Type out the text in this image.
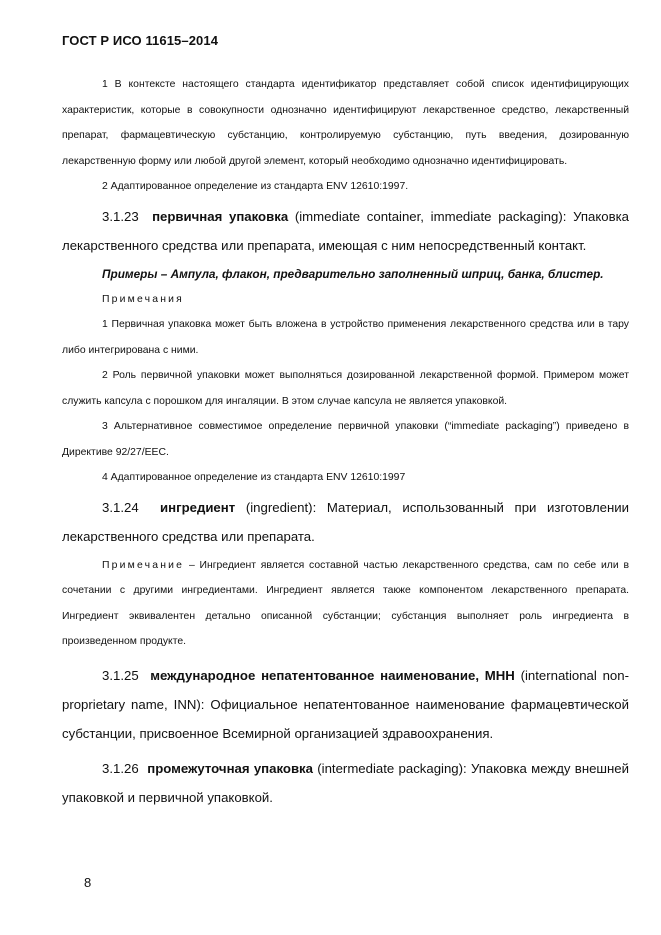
ГОСТ Р ИСО 11615–2014

1 В контексте настоящего стандарта идентификатор представляет собой список идентифицирующих характеристик, которые в совокупности однозначно идентифицируют лекарственное средство, лекарственный препарат, фармацевтическую субстанцию, контролируемую субстанцию, путь введения, дозированную лекарственную форму или любой другой элемент, который необходимо однозначно идентифицировать.

2 Адаптированное определение из стандарта ENV 12610:1997.

3.1.23 первичная упаковка (immediate container, immediate packaging): Упаковка лекарственного средства или препарата, имеющая с ним непосредственный контакт.

Примеры – Ампула, флакон, предварительно заполненный шприц, банка, блистер.

Примечания

1 Первичная упаковка может быть вложена в устройство применения лекарственного средства или в тару либо интегрирована с ними.

2 Роль первичной упаковки может выполняться дозированной лекарственной формой. Примером может служить капсула с порошком для ингаляции. В этом случае капсула не является упаковкой.

3 Альтернативное совместимое определение первичной упаковки (“immediate packaging”) приведено в Директиве 92/27/ЕЕС.

4 Адаптированное определение из стандарта ENV 12610:1997

3.1.24 ингредиент (ingredient): Материал, использованный при изготовлении лекарственного средства или препарата.

Примечание – Ингредиент является составной частью лекарственного средства, сам по себе или в сочетании с другими ингредиентами. Ингредиент является также компонентом лекарственного препарата. Ингредиент эквивалентен детально описанной субстанции; субстанция выполняет роль ингредиента в произведенном продукте.

3.1.25 международное непатентованное наименование, МНН (international non-proprietary name, INN): Официальное непатентованное наименование фармацевтической субстанции, присвоенное Всемирной организацией здравоохранения.

3.1.26 промежуточная упаковка (intermediate packaging): Упаковка между внешней упаковкой и первичной упаковкой.

8
